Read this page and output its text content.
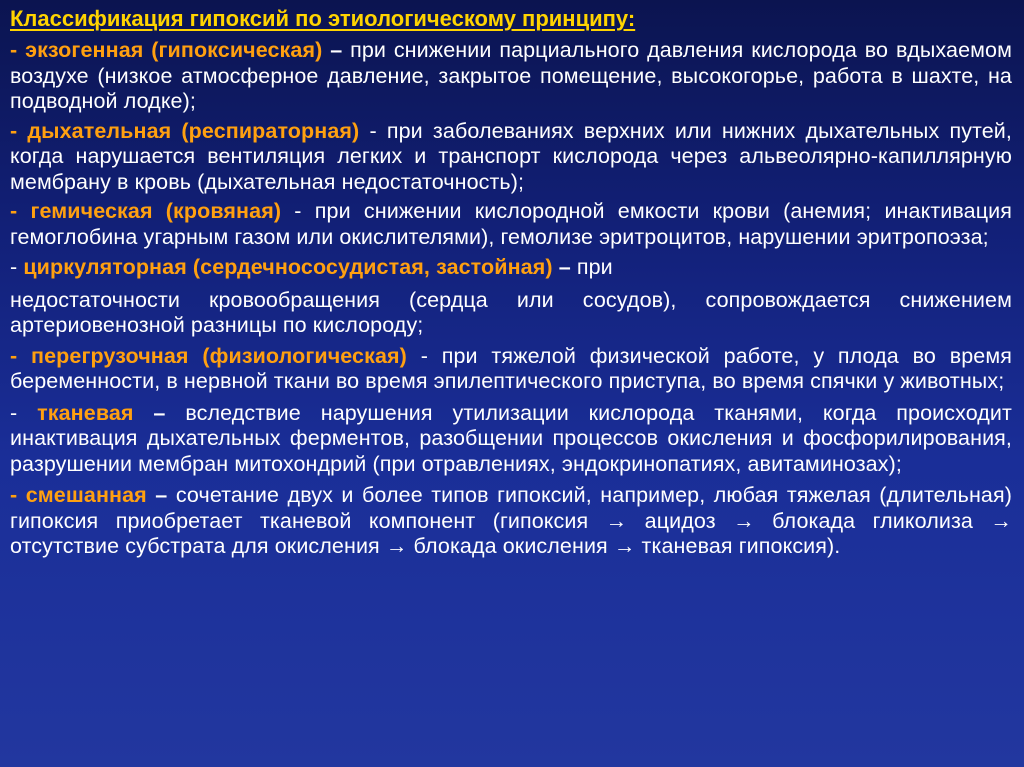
Классификация гипоксий по этиологическому принципу:

- экзогенная (гипоксическая) – при снижении парциального давления кислорода во вдыхаемом воздухе (низкое атмосферное давление, закрытое помещение, высокогорье, работа в шахте, на подводной лодке);

- дыхательная (респираторная) - при заболеваниях верхних или нижних дыхательных путей, когда нарушается вентиляция легких и транспорт кислорода через альвеолярно-капиллярную мембрану в кровь (дыхательная недостаточность);

- гемическая (кровяная) - при снижении кислородной емкости крови (анемия; инактивация гемоглобина угарным газом или окислителями), гемолизе эритроцитов, нарушении эритропоэза;

- циркуляторная (сердечнососудистая, застойная) – при
недостаточности кровообращения (сердца или сосудов), сопровождается снижением артериовенозной разницы по кислороду;

- перегрузочная (физиологическая) - при тяжелой физической работе, у плода во время беременности, в нервной ткани во время эпилептического приступа, во время спячки у животных;

- тканевая – вследствие нарушения утилизации кислорода тканями, когда происходит инактивация дыхательных ферментов, разобщении процессов окисления и фосфорилирования, разрушении мембран митохондрий (при отравлениях, эндокринопатиях, авитаминозах);

- смешанная – сочетание двух и более типов гипоксий, например, любая тяжелая (длительная) гипоксия приобретает тканевой компонент (гипоксия → ацидоз → блокада гликолиза → отсутствие субстрата для окисления → блокада окисления → тканевая гипоксия).
